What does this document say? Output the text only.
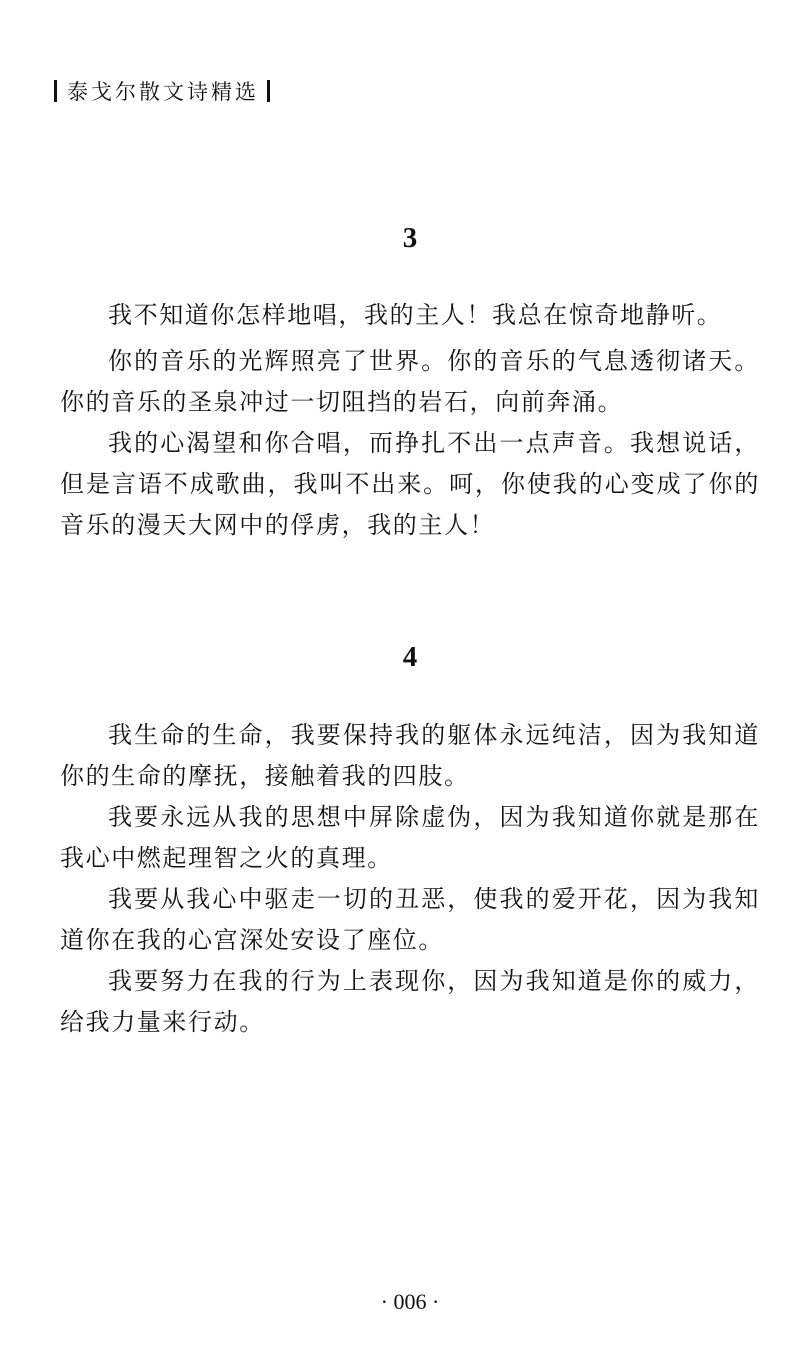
泰戈尔散文诗精选
3

我不知道你怎样地唱，我的主人！我总在惊奇地静听。

你的音乐的光辉照亮了世界。你的音乐的气息透彻诸天。你的音乐的圣泉冲过一切阻挡的岩石，向前奔涌。

我的心渴望和你合唱，而挣扎不出一点声音。我想说话，但是言语不成歌曲，我叫不出来。呵，你使我的心变成了你的音乐的漫天大网中的俘虏，我的主人！

4

我生命的生命，我要保持我的躯体永远纯洁，因为我知道你的生命的摩抚，接触着我的四肢。

我要永远从我的思想中屏除虚伪，因为我知道你就是那在我心中燃起理智之火的真理。

我要从我心中驱走一切的丑恶，使我的爱开花，因为我知道你在我的心宫深处安设了座位。

我要努力在我的行为上表现你，因为我知道是你的威力，给我力量来行动。

· 006 ·
